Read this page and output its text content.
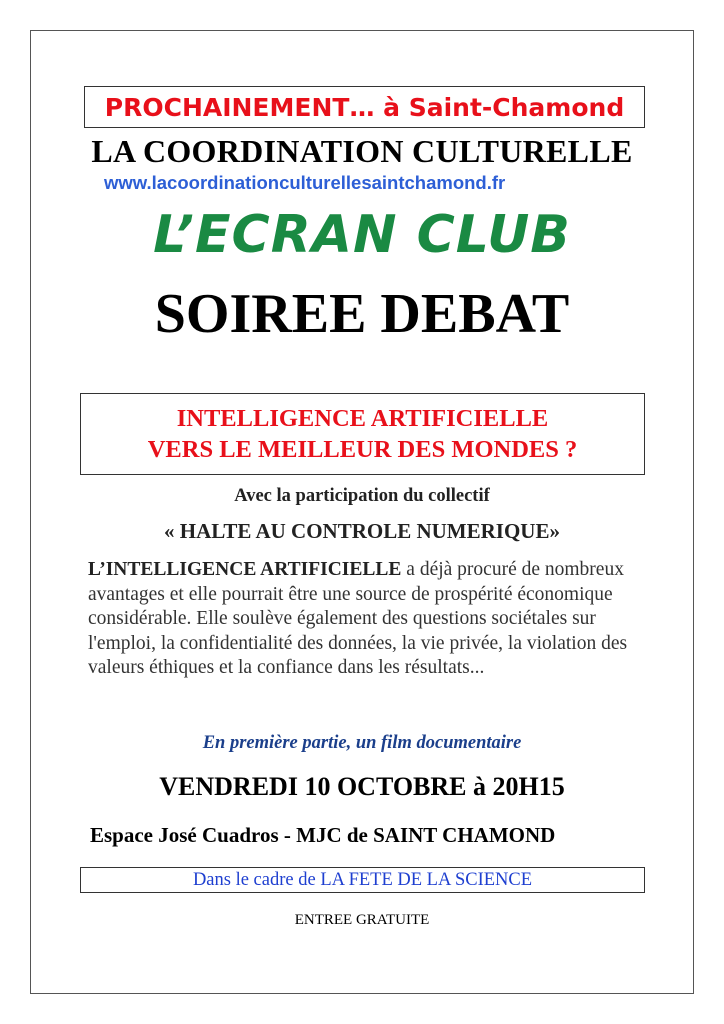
PROCHAINEMENT… à Saint-Chamond
LA COORDINATION CULTURELLE
www.lacoordinationculturellesaintchamond.fr
L’ECRAN CLUB
SOIREE DEBAT
INTELLIGENCE ARTIFICIELLE
VERS LE MEILLEUR DES MONDES ?
Avec la participation du collectif
« HALTE AU CONTROLE NUMERIQUE»
L’INTELLIGENCE ARTIFICIELLE a déjà procuré de nombreux avantages et elle pourrait être une source de prospérité économique considérable. Elle soulève également des questions sociétales sur l'emploi, la confidentialité des données, la vie privée, la violation des valeurs éthiques et la confiance dans les résultats...
En première partie, un film documentaire
VENDREDI 10 OCTOBRE à 20H15
Espace José Cuadros - MJC de SAINT CHAMOND
Dans le cadre de LA FETE DE LA SCIENCE
ENTREE GRATUITE
